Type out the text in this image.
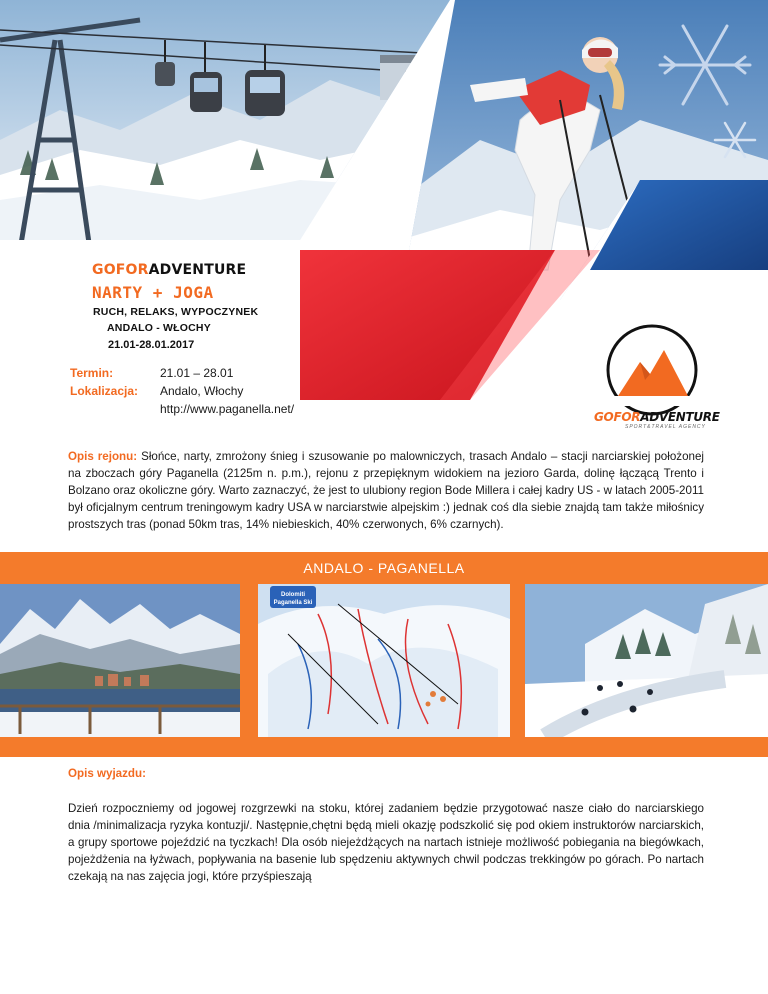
GOFORADVENTURE
NARTY + JOGA
RUCH, RELAKS, WYPOCZYNEK
ANDALO - WŁOCHY
21.01-28.01.2017
Termin:	21.01 – 28.01
Lokalizacja: Andalo, Włochy
http://www.paganella.net/
GOFORADVENTURE
SPORT&TRAVEL AGENCY

Opis rejonu: Słońce, narty, zmrożony śnieg i szusowanie po malowniczych, trasach Andalo – stacji narciarskiej położonej na zboczach góry Paganella (2125m n. p.m.), rejonu z przepięknym widokiem na jezioro Garda, dolinę łączącą Trento i Bolzano oraz okoliczne góry. Warto zaznaczyć, że jest to ulubiony region Bode Millera i całej kadry US - w latach 2005-2011 był oficjalnym centrum treningowym kadry USA w narciarstwie alpejskim :) jednak coś dla siebie znajdą tam także miłośnicy prostszych tras (ponad 50km tras, 14% niebieskich, 40% czerwonych, 6% czarnych).

ANDALO - PAGANELLA
Dolomiti
Paganella Ski
Opis wyjazdu:

Dzień rozpoczniemy od jogowej rozgrzewki na stoku, której zadaniem będzie przygotować nasze ciało do narciarskiego dnia /minimalizacja ryzyka kontuzji/. Następnie,chętni będą mieli okazję podszkolić się pod okiem instruktorów narciarskich, a grupy sportowe pojeździć na tyczkach! Dla osób niejeżdżących na nartach istnieje możliwość pobiegania na biegówkach, pojeżdżenia na łyżwach, popływania na basenie lub spędzeniu aktywnych chwil podczas trekkingów po górach. Po nartach czekają na nas zajęcia jogi, które przyśpieszają
